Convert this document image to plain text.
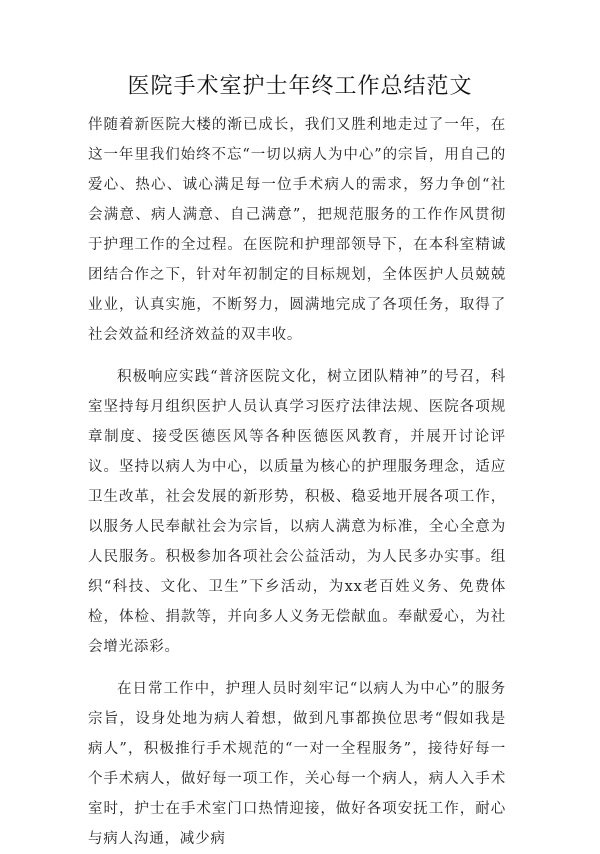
医院手术室护士年终工作总结范文

伴随着新医院大楼的渐已成长，我们又胜利地走过了一年，在这一年里我们始终不忘“一切以病人为中心”的宗旨，用自己的爱心、热心、诚心满足每一位手术病人的需求，努力争创“社会满意、病人满意、自己满意”，把规范服务的工作作风贯彻于护理工作的全过程。在医院和护理部领导下，在本科室精诚团结合作之下，针对年初制定的目标规划，全体医护人员兢兢业业，认真实施，不断努力，圆满地完成了各项任务，取得了社会效益和经济效益的双丰收。

积极响应实践“普济医院文化，树立团队精神”的号召，科室坚持每月组织医护人员认真学习医疗法律法规、医院各项规章制度、接受医德医风等各种医德医风教育，并展开讨论评议。坚持以病人为中心，以质量为核心的护理服务理念，适应卫生改革，社会发展的新形势，积极、稳妥地开展各项工作，以服务人民奉献社会为宗旨，以病人满意为标准，全心全意为人民服务。积极参加各项社会公益活动，为人民多办实事。组织“科技、文化、卫生”下乡活动，为xx老百姓义务、免费体检，体检、捐款等，并向多人义务无偿献血。奉献爱心，为社会增光添彩。

在日常工作中，护理人员时刻牢记“以病人为中心”的服务宗旨，设身处地为病人着想，做到凡事都换位思考“假如我是病人”，积极推行手术规范的“一对一全程服务”，接待好每一个手术病人，做好每一项工作，关心每一个病人，病人入手术室时，护士在手术室门口热情迎接，做好各项安抚工作，耐心与病人沟通，减少病
